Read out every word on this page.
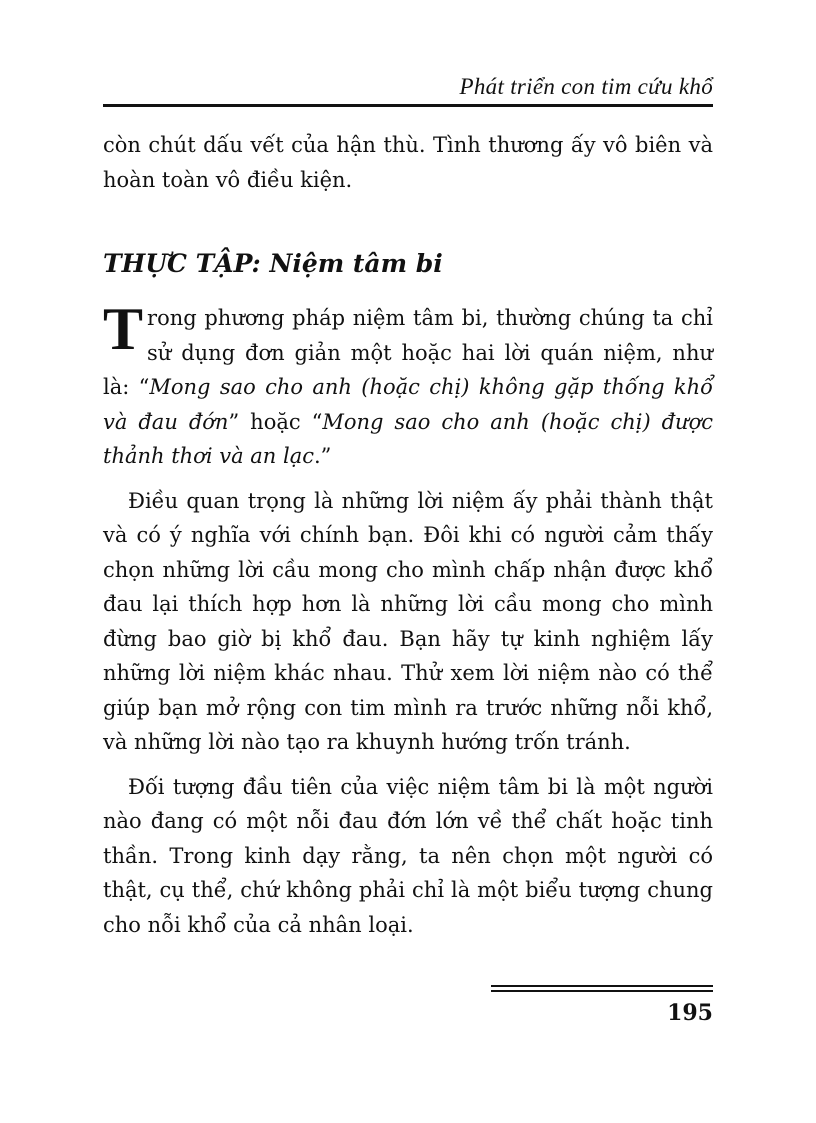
Phát triển con tim cứu khổ

còn chút dấu vết của hận thù. Tình thương ấy vô biên và hoàn toàn vô điều kiện.

THỰC TẬP: Niệm tâm bi

Trong phương pháp niệm tâm bi, thường chúng ta chỉ sử dụng đơn giản một hoặc hai lời quán niệm, như là: “Mong sao cho anh (hoặc chị) không gặp thống khổ và đau đớn” hoặc “Mong sao cho anh (hoặc chị) được thảnh thơi và an lạc.”

Điều quan trọng là những lời niệm ấy phải thành thật và có ý nghĩa với chính bạn. Đôi khi có người cảm thấy chọn những lời cầu mong cho mình chấp nhận được khổ đau lại thích hợp hơn là những lời cầu mong cho mình đừng bao giờ bị khổ đau. Bạn hãy tự kinh nghiệm lấy những lời niệm khác nhau. Thử xem lời niệm nào có thể giúp bạn mở rộng con tim mình ra trước những nỗi khổ, và những lời nào tạo ra khuynh hướng trốn tránh.

Đối tượng đầu tiên của việc niệm tâm bi là một người nào đang có một nỗi đau đớn lớn về thể chất hoặc tinh thần. Trong kinh dạy rằng, ta nên chọn một người có thật, cụ thể, chứ không phải chỉ là một biểu tượng chung cho nỗi khổ của cả nhân loại.

195
